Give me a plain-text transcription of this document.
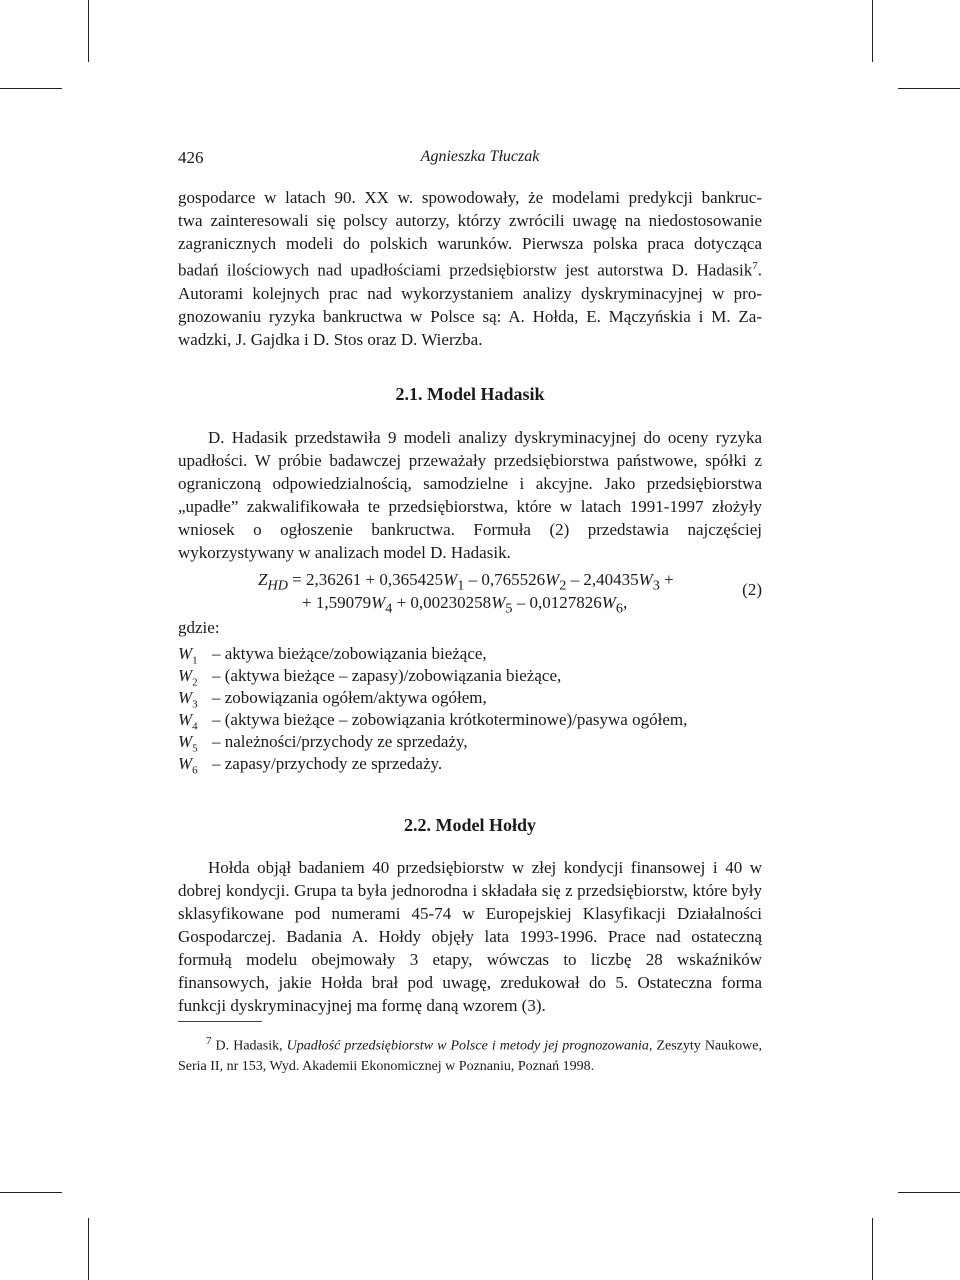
426	Agnieszka Tłuczak
gospodarce w latach 90. XX w. spowodowały, że modelami predykcji bankruc-
twa zainteresowali się polscy autorzy, którzy zwrócili uwagę na niedostosowanie
zagranicznych modeli do polskich warunków. Pierwsza polska praca dotycząca
badań ilościowych nad upadłościami przedsiębiorstw jest autorstwa D. Hadasik$^7$.
Autorami kolejnych prac nad wykorzystaniem analizy dyskryminacyjnej w pro-
gnozowaniu ryzyka bankructwa w Polsce są: A. Hołda, E. Mączyńskia i M. Za-
wadzki, J. Gajdka i D. Stos oraz D. Wierzba.
2.1. Model Hadasik

D. Hadasik przedstawiła 9 modeli analizy dyskryminacyjnej do oceny ryzyka upadłości. W próbie badawczej przeważały przedsiębiorstwa państwowe, spółki z ograniczoną odpowiedzialnością, samodzielne i akcyjne. Jako przedsiębiorstwa „upadłe” zakwalifikowała te przedsiębiorstwa, które w latach 1991-1997 złożyły wniosek o ogłoszenie bankructwa. Formuła (2) przedstawia najczęściej wykorzystywany w analizach model D. Hadasik.

$Z_{HD} = 2,36261 + 0,365425W_1 - 0,765526W_2 - 2,40435W_3$ +
+ $1,59079W_4 + 0,00230258W_5 - 0,0127826W_6$,
(2)
gdzie:
$W_1$ – aktywa bieżące/zobowiązania bieżące,
$W_2$ – (aktywa bieżące – zapasy)/zobowiązania bieżące,
$W_3$ – zobowiązania ogółem/aktywa ogółem,
$W_4$ – (aktywa bieżące – zobowiązania krótkoterminowe)/pasywa ogółem,
$W_5$ – należności/przychody ze sprzedaży,
$W_6$ – zapasy/przychody ze sprzedaży.
2.2. Model Hołdy

Hołda objął badaniem 40 przedsiębiorstw w złej kondycji finansowej i 40 w dobrej kondycji. Grupa ta była jednorodna i składała się z przedsiębiorstw, które były sklasyfikowane pod numerami 45-74 w Europejskiej Klasyfikacji Działalności Gospodarczej. Badania A. Hołdy objęły lata 1993-1996. Prace nad ostateczną formułą modelu obejmowały 3 etapy, wówczas to liczbę 28 wskaźników finansowych, jakie Hołda brał pod uwagę, zredukował do 5. Ostateczna forma funkcji dyskryminacyjnej ma formę daną wzorem (3).

$^7$ D. Hadasik, Upadłość przedsiębiorstw w Polsce i metody jej prognozowania, Zeszyty Naukowe, Seria II, nr 153, Wyd. Akademii Ekonomicznej w Poznaniu, Poznań 1998.
